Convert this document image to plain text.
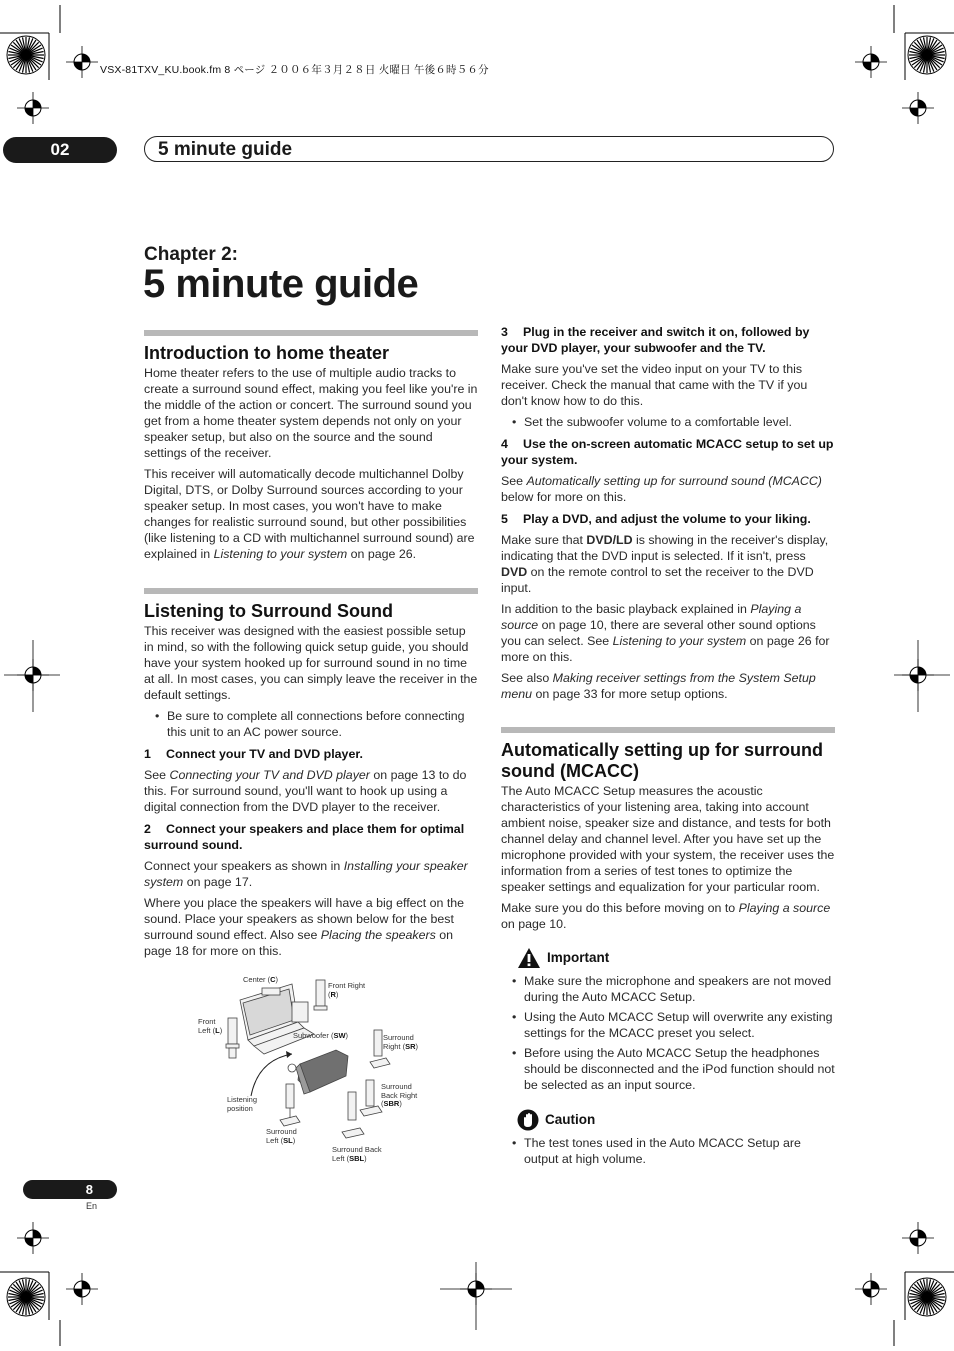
VSX-81TXV_KU.book.fm 8 ページ ２００６年３月２８日 火曜日 午後６時５６分
02	5 minute guide
Chapter 2:
5 minute guide
Introduction to home theater

Home theater refers to the use of multiple audio tracks to create a surround sound effect, making you feel like you're in the middle of the action or concert. The surround sound you get from a home theater system depends not only on your speaker setup, but also on the source and the sound settings of the receiver.

This receiver will automatically decode multichannel Dolby Digital, DTS, or Dolby Surround sources according to your speaker setup. In most cases, you won't have to make changes for realistic surround sound, but other possibilities (like listening to a CD with multichannel surround sound) are explained in Listening to your system on page 26.

Listening to Surround Sound

This receiver was designed with the easiest possible setup in mind, so with the following quick setup guide, you should have your system hooked up for surround sound in no time at all. In most cases, you can simply leave the receiver in the default settings.

• Be sure to complete all connections before connecting this unit to an AC power source.

1 Connect your TV and DVD player.

See Connecting your TV and DVD player on page 13 to do this. For surround sound, you'll want to hook up using a digital connection from the DVD player to the receiver.

2 Connect your speakers and place them for optimal surround sound.

Connect your speakers as shown in Installing your speaker system on page 17.

Where you place the speakers will have a big effect on the sound. Place your speakers as shown below for the best surround sound effect. Also see Placing the speakers on page 18 for more on this.

Center (C)
Front Right (R)
Front Left (L)
Subwoofer (SW)	Surround Right (SR)
Surround Back Right (SBR)
Listening position
Surround Left (SL)
Surround Back Left (SBL)

3 Plug in the receiver and switch it on, followed by your DVD player, your subwoofer and the TV.

Make sure you've set the video input on your TV to this receiver. Check the manual that came with the TV if you don't know how to do this.

• Set the subwoofer volume to a comfortable level.

4 Use the on-screen automatic MCACC setup to set up your system.

See Automatically setting up for surround sound (MCACC) below for more on this.

5 Play a DVD, and adjust the volume to your liking.

Make sure that DVD/LD is showing in the receiver's display, indicating that the DVD input is selected. If it isn't, press DVD on the remote control to set the receiver to the DVD input.

In addition to the basic playback explained in Playing a source on page 10, there are several other sound options you can select. See Listening to your system on page 26 for more on this.

See also Making receiver settings from the System Setup menu on page 33 for more setup options.

Automatically setting up for surround sound (MCACC)

The Auto MCACC Setup measures the acoustic characteristics of your listening area, taking into account ambient noise, speaker size and distance, and tests for both channel delay and channel level. After you have set up the microphone provided with your system, the receiver uses the information from a series of test tones to optimize the speaker settings and equalization for your particular room.

Make sure you do this before moving on to Playing a source on page 10.

Important
• Make sure the microphone and speakers are not moved during the Auto MCACC Setup.
• Using the Auto MCACC Setup will overwrite any existing settings for the MCACC preset you select.
• Before using the Auto MCACC Setup the headphones should be disconnected and the iPod function should not be selected as an input source.
Caution
• The test tones used in the Auto MCACC Setup are output at high volume.
8
En
